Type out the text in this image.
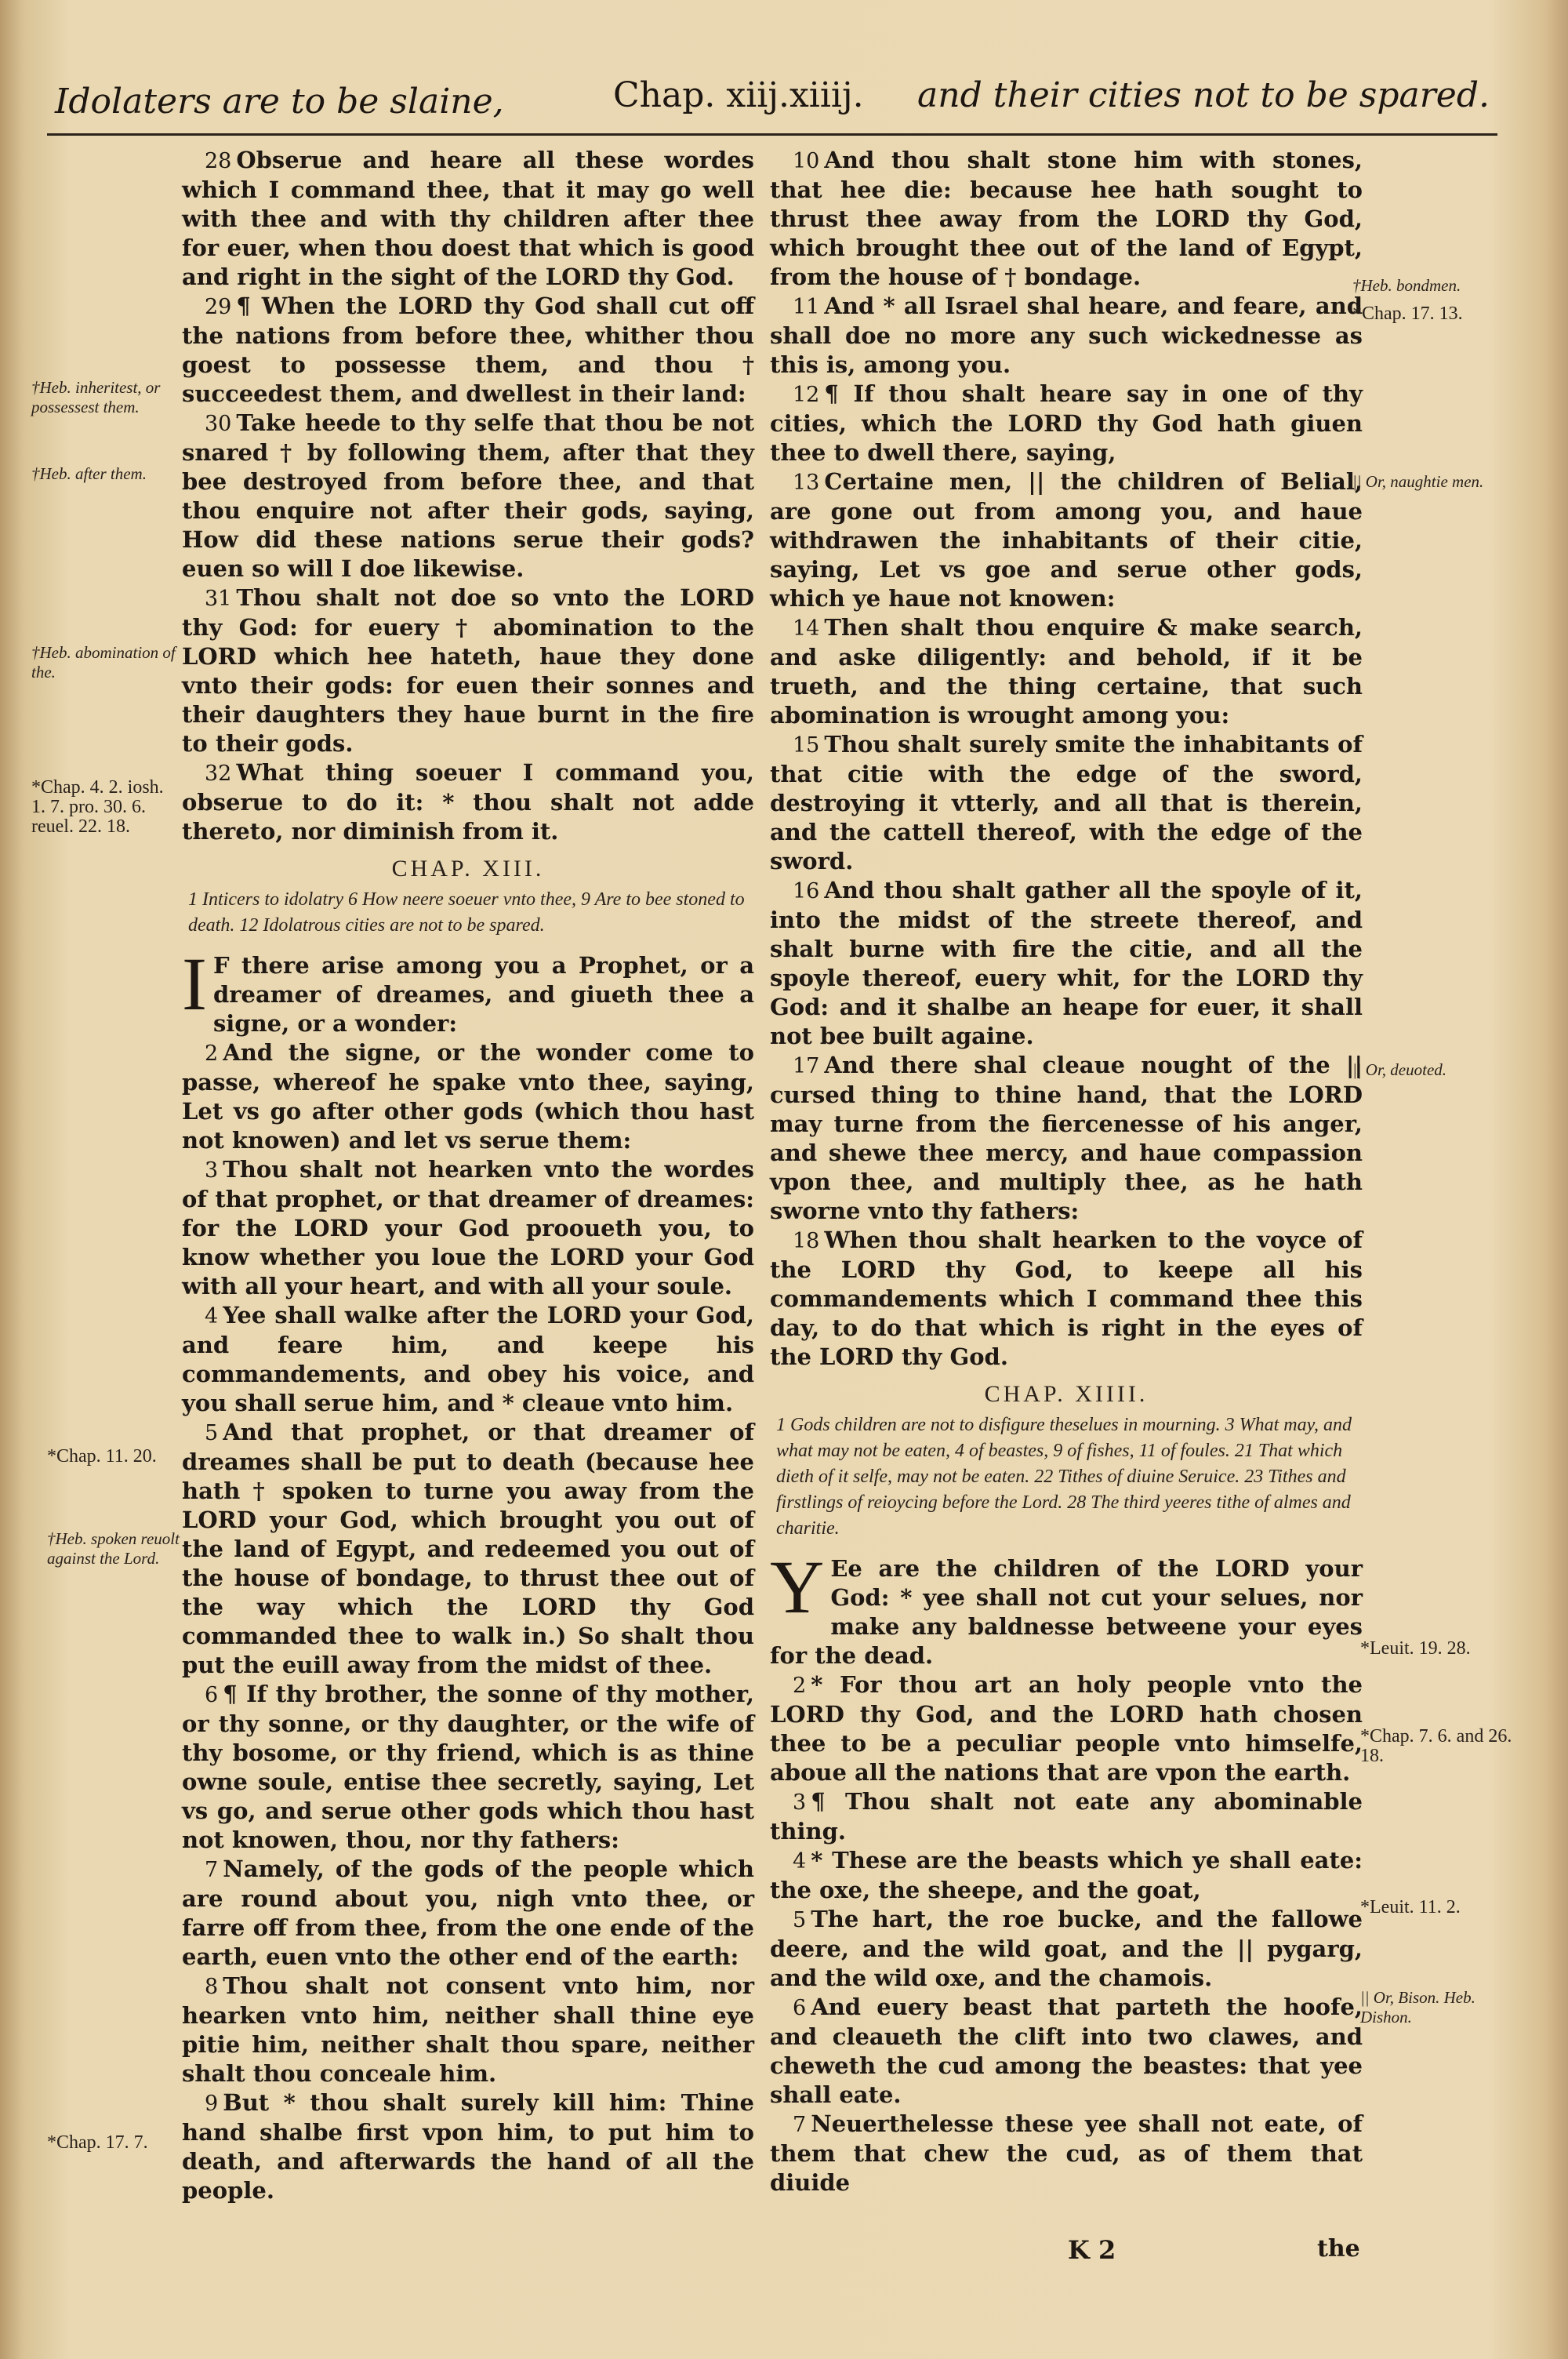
Idolaters are to be slaine,	Chap. xiij.xiiij. and their cities not to be spared.

 28 Obserue and heare all these wordes which I command thee, that it may go well with thee and with thy children after thee for euer, when thou doest that which is good and right in the sight of the LORD thy God.

 29 ¶ When the LORD thy God shall cut off the nations from before thee, whither thou goest to possesse them, and thou † succeedest them, and dwellest in their land:

 30 Take heede to thy selfe that thou be not snared † by following them, after that they bee destroyed from before thee, and that thou enquire not after their gods, saying, How did these nations serue their gods? euen so will I doe likewise.

 31 Thou shalt not doe so vnto the LORD thy God: for euery † abomination to the LORD which hee hateth, haue they done vnto their gods: for euen their sonnes and their daughters they haue burnt in the fire to their gods.

 32 What thing soeuer I command you, obserue to do it: * thou shalt not adde thereto, nor diminish from it.

CHAP. XIII.

1 Inticers to idolatry 6 How neere soeuer vnto thee, 9 Are to bee stoned to death. 12 Idolatrous cities are not to be spared.

I F there arise among you a Prophet, or a dreamer of dreames, and giueth thee a signe, or a wonder:

 2 And the signe, or the wonder come to passe, whereof he spake vnto thee, saying, Let vs go after other gods (which thou hast not knowen) and let vs serue them:

 3 Thou shalt not hearken vnto the wordes of that prophet, or that dreamer of dreames: for the LORD your God prooueth you, to know whether you loue the LORD your God with all your heart, and with all your soule.

 4 Yee shall walke after the LORD your God, and feare him, and keepe his commandements, and obey his voice, and you shall serue him, and * cleaue vnto him.

 5 And that prophet, or that dreamer of dreames shall be put to death (because hee hath † spoken to turne you away from the LORD your God, which brought you out of the land of Egypt, and redeemed you out of the house of bondage, to thrust thee out of the way which the LORD thy God commanded thee to walk in.) So shalt thou put the euill away from the midst of thee.

 6 ¶ If thy brother, the sonne of thy mother, or thy sonne, or thy daughter, or the wife of thy bosome, or thy friend, which is as thine owne soule, entise thee secretly, saying, Let vs go, and serue other gods which thou hast not knowen, thou, nor thy fathers:

 7 Namely, of the gods of the people which are round about you, nigh vnto thee, or farre off from thee, from the one ende of the earth, euen vnto the other end of the earth:

 8 Thou shalt not consent vnto him, nor hearken vnto him, neither shall thine eye pitie him, neither shalt thou spare, neither shalt thou conceale him.

 9 But * thou shalt surely kill him: Thine hand shalbe first vpon him, to put him to death, and afterwards the hand of all the people.

 10 And thou shalt stone him with stones, that hee die: because hee hath sought to thrust thee away from the LORD thy God, which brought thee out of the land of Egypt, from the house of † bondage.

 11 And * all Israel shal heare, and feare, and shall doe no more any such wickednesse as this is, among you.

 12 ¶ If thou shalt heare say in one of thy cities, which the LORD thy God hath giuen thee to dwell there, saying,

 13 Certaine men, || the children of Belial, are gone out from among you, and haue withdrawen the inhabitants of their citie, saying, Let vs goe and serue other gods, which ye haue not knowen:

 14 Then shalt thou enquire & make search, and aske diligently: and behold, if it be trueth, and the thing certaine, that such abomination is wrought among you:

 15 Thou shalt surely smite the inhabitants of that citie with the edge of the sword, destroying it vtterly, and all that is therein, and the cattell thereof, with the edge of the sword.

 16 And thou shalt gather all the spoyle of it, into the midst of the streete thereof, and shalt burne with fire the citie, and all the spoyle thereof, euery whit, for the LORD thy God: and it shalbe an heape for euer, it shall not bee built againe.

 17 And there shal cleaue nought of the || cursed thing to thine hand, that the LORD may turne from the fiercenesse of his anger, and shewe thee mercy, and haue compassion vpon thee, and multiply thee, as he hath sworne vnto thy fathers:

 18 When thou shalt hearken to the voyce of the LORD thy God, to keepe all his commandements which I command thee this day, to do that which is right in the eyes of the LORD thy God.

CHAP. XIIII.

1 Gods children are not to disfigure theselues in mourning. 3 What may, and what may not be eaten, 4 of beastes, 9 of fishes, 11 of foules. 21 That which dieth of it selfe, may not be eaten. 22 Tithes of diuine Seruice. 23 Tithes and firstlings of reioycing before the Lord. 28 The third yeeres tithe of almes and charitie.

Y Ee are the children of the LORD your God: * yee shall not cut your selues, nor make any baldnesse betweene your eyes for the dead.

 2 * For thou art an holy people vnto the LORD thy God, and the LORD hath chosen thee to be a peculiar people vnto himselfe, aboue all the nations that are vpon the earth.

 3 ¶ Thou shalt not eate any abominable thing.

 4 * These are the beasts which ye shall eate: the oxe, the sheepe, and the goat,

 5 The hart, the roe bucke, and the fallowe deere, and the wild goat, and the || pygarg, and the wild oxe, and the chamois.

 6 And euery beast that parteth the hoofe, and cleaueth the clift into two clawes, and cheweth the cud among the beastes: that yee shall eate.

 7 Neuerthelesse these yee shall not eate, of them that chew the cud, as of them that diuide

†Heb. inheritest, or possessest them.
†Heb. after them.
†Heb. abomination of the.
*Chap. 4. 2. iosh. 1. 7. pro. 30. 6. reuel. 22. 18.
*Chap. 11. 20.
†Heb. spoken reuolt against the Lord.
*Chap. 17. 7.
†Heb. bondmen.
*Chap. 17. 13.
|| Or, naughtie men.
|| Or, deuoted.
*Leuit. 19. 28.
*Chap. 7. 6. and 26. 18.
*Leuit. 11. 2.
|| Or, Bison. Heb. Dishon.
K 2	the
